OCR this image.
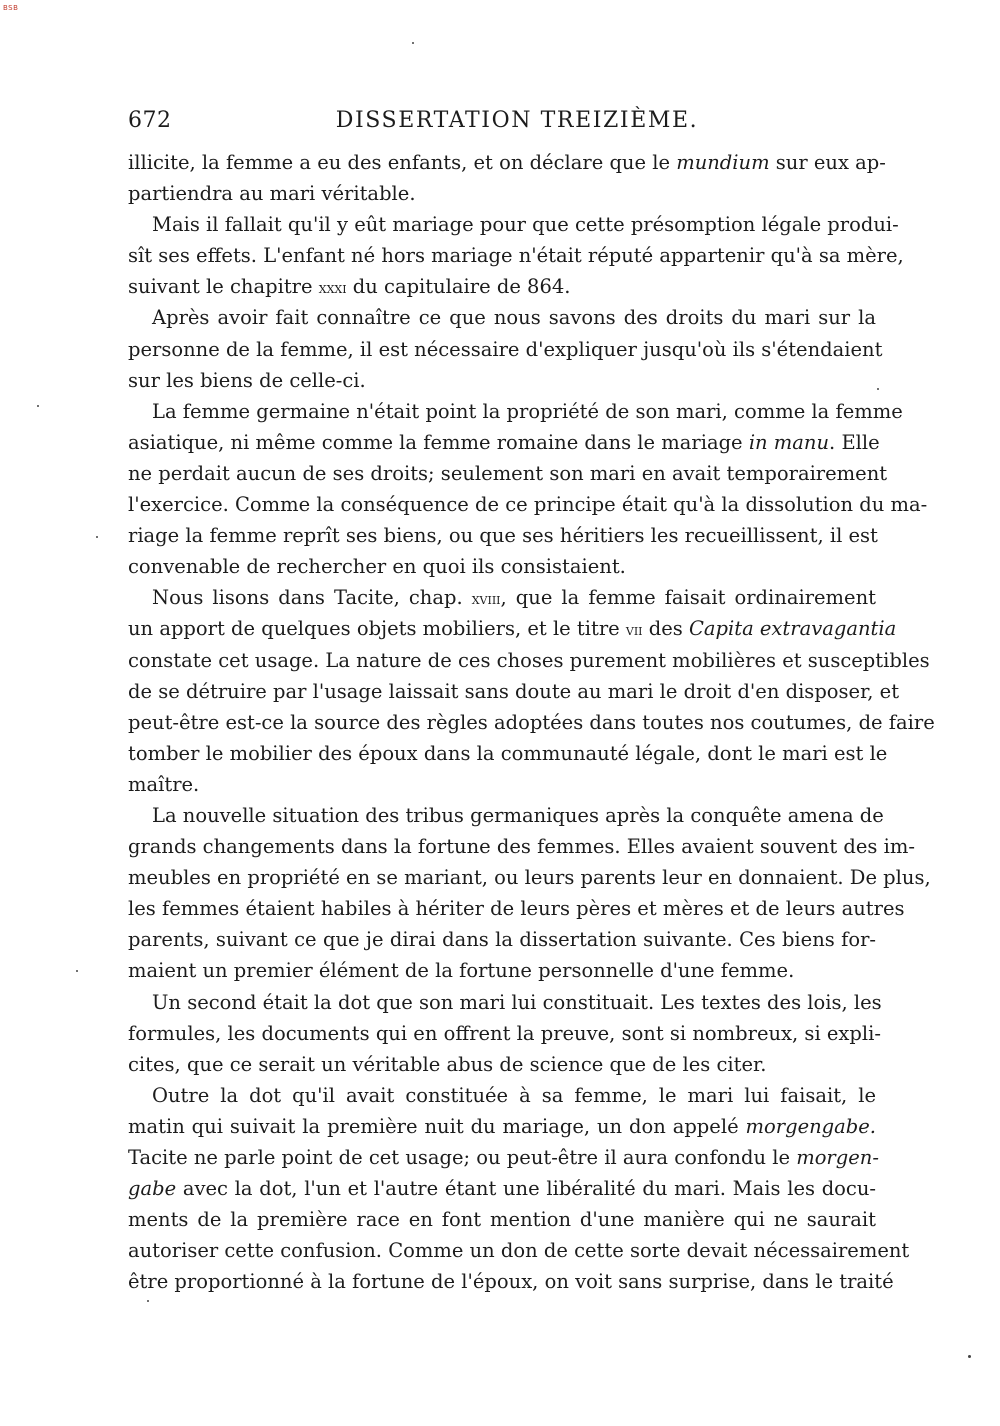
BSB
672	DISSERTATION TREIZIÈME.
illicite, la femme a eu des enfants, et on déclare que le mundium sur eux ap-
partiendra au mari véritable.
Mais il fallait qu'il y eût mariage pour que cette présomption légale produi-
sît ses effets. L'enfant né hors mariage n'était réputé appartenir qu'à sa mère,
suivant le chapitre xxxi du capitulaire de 864.
Après avoir fait connaître ce que nous savons des droits du mari sur la
personne de la femme, il est nécessaire d'expliquer jusqu'où ils s'étendaient
sur les biens de celle-ci.
La femme germaine n'était point la propriété de son mari, comme la femme
asiatique, ni même comme la femme romaine dans le mariage in manu. Elle
ne perdait aucun de ses droits; seulement son mari en avait temporairement
l'exercice. Comme la conséquence de ce principe était qu'à la dissolution du ma-
riage la femme reprît ses biens, ou que ses héritiers les recueillissent, il est
convenable de rechercher en quoi ils consistaient.
Nous lisons dans Tacite, chap. xviii, que la femme faisait ordinairement
un apport de quelques objets mobiliers, et le titre vii des Capita extravagantia
constate cet usage. La nature de ces choses purement mobilières et susceptibles
de se détruire par l'usage laissait sans doute au mari le droit d'en disposer, et
peut-être est-ce la source des règles adoptées dans toutes nos coutumes, de faire
tomber le mobilier des époux dans la communauté légale, dont le mari est le
maître.
La nouvelle situation des tribus germaniques après la conquête amena de
grands changements dans la fortune des femmes. Elles avaient souvent des im-
meubles en propriété en se mariant, ou leurs parents leur en donnaient. De plus,
les femmes étaient habiles à hériter de leurs pères et mères et de leurs autres
parents, suivant ce que je dirai dans la dissertation suivante. Ces biens for-
maient un premier élément de la fortune personnelle d'une femme.
Un second était la dot que son mari lui constituait. Les textes des lois, les
formules, les documents qui en offrent la preuve, sont si nombreux, si expli-
cites, que ce serait un véritable abus de science que de les citer.
Outre la dot qu'il avait constituée à sa femme, le mari lui faisait, le
matin qui suivait la première nuit du mariage, un don appelé morgengabe.
Tacite ne parle point de cet usage; ou peut-être il aura confondu le morgen-
gabe avec la dot, l'un et l'autre étant une libéralité du mari. Mais les docu-
ments de la première race en font mention d'une manière qui ne saurait
autoriser cette confusion. Comme un don de cette sorte devait nécessairement
être proportionné à la fortune de l'époux, on voit sans surprise, dans le traité
